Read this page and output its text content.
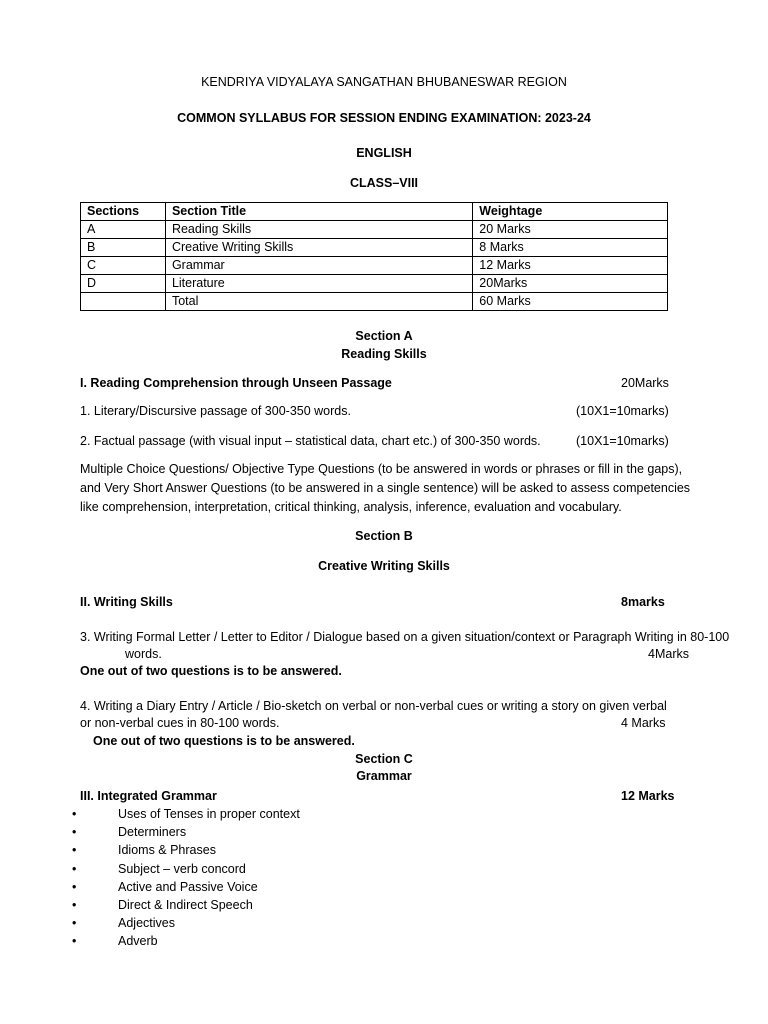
KENDRIYA VIDYALAYA SANGATHAN BHUBANESWAR REGION
COMMON SYLLABUS FOR SESSION ENDING EXAMINATION: 2023-24
ENGLISH
CLASS–VIII
Sections	Section Title	Weightage
A	Reading Skills	20 Marks
B	Creative Writing Skills	8 Marks
C	Grammar	12 Marks
D	Literature	20Marks
	Total	60 Marks
Section A
Reading Skills
I. Reading Comprehension through Unseen Passage	20Marks
1. Literary/Discursive passage of 300-350 words.	(10X1=10marks)
2. Factual passage (with visual input – statistical data, chart etc.) of 300-350 words.	(10X1=10marks)
Multiple Choice Questions/ Objective Type Questions (to be answered in words or phrases or fill in the gaps),
and Very Short Answer Questions (to be answered in a single sentence) will be asked to assess competencies
like comprehension, interpretation, critical thinking, analysis, inference, evaluation and vocabulary.
Section B
Creative Writing Skills
II. Writing Skills	8marks
3. Writing Formal Letter / Letter to Editor / Dialogue based on a given situation/context or Paragraph Writing in 80-100
words.	4Marks
One out of two questions is to be answered.
4. Writing a Diary Entry / Article / Bio-sketch on verbal or non-verbal cues or writing a story on given verbal
or non-verbal cues in 80-100 words.	4 Marks
One out of two questions is to be answered.
Section C
Grammar
III. Integrated Grammar	12 Marks
•	Uses of Tenses in proper context
•	Determiners
•	Idioms & Phrases
•	Subject – verb concord
•	Active and Passive Voice
•	Direct & Indirect Speech
•	Adjectives
•	Adverb
